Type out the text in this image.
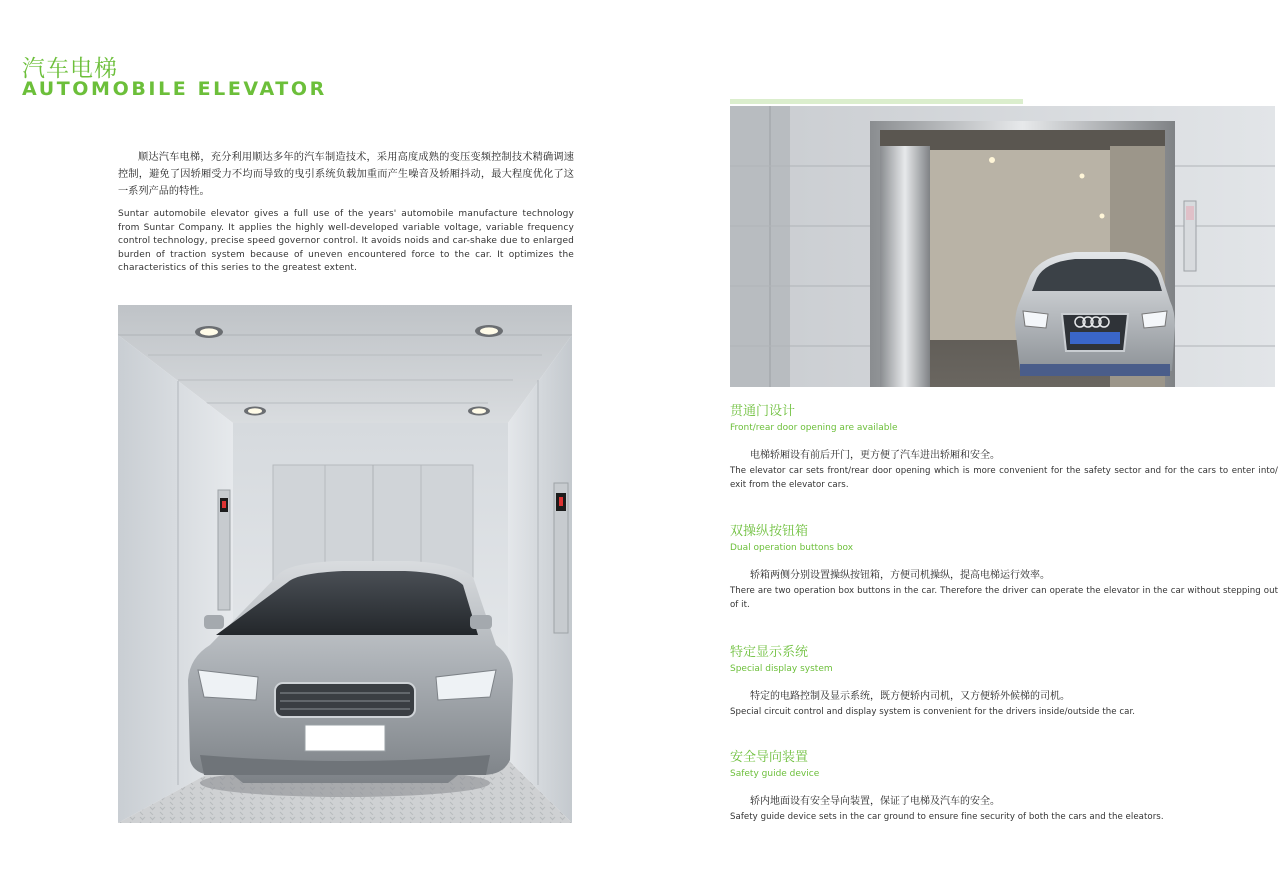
汽车电梯
AUTOMOBILE ELEVATOR

顺达汽车电梯，充分利用顺达多年的汽车制造技术，采用高度成熟的变压变频控制技术精确调速控制，避免了因轿厢受力不均而导致的曳引系统负载加重而产生噪音及轿厢抖动，最大程度优化了这一系列产品的特性。

Suntar automobile elevator gives a full use of the years' automobile manufacture technology from Suntar Company. It applies the highly well-developed variable voltage, variable frequency control technology, precise speed governor control. It avoids noids and car-shake due to enlarged burden of traction system because of uneven encountered force to the car. It optimizes the characteristics of this series to the greatest extent.

贯通门设计
Front/rear door opening are available
电梯轿厢设有前后开门，更方便了汽车进出轿厢和安全。
The elevator car sets front/rear door opening which is more convenient for the safety sector and for the cars to enter into/ exit from the elevator cars.
双操纵按钮箱
Dual operation buttons box
轿箱两侧分别设置操纵按钮箱，方便司机操纵，提高电梯运行效率。
There are two operation box buttons in the car. Therefore the driver can operate the elevator in the car without stepping out of it.
特定显示系统
Special display system
特定的电路控制及显示系统，既方便轿内司机，又方便轿外候梯的司机。
Special circuit control and display system is convenient for the drivers inside/outside the car.
安全导向装置
Safety guide device
轿内地面设有安全导向装置，保证了电梯及汽车的安全。
Safety guide device sets in the car ground to ensure fine security of both the cars and the eleators.
